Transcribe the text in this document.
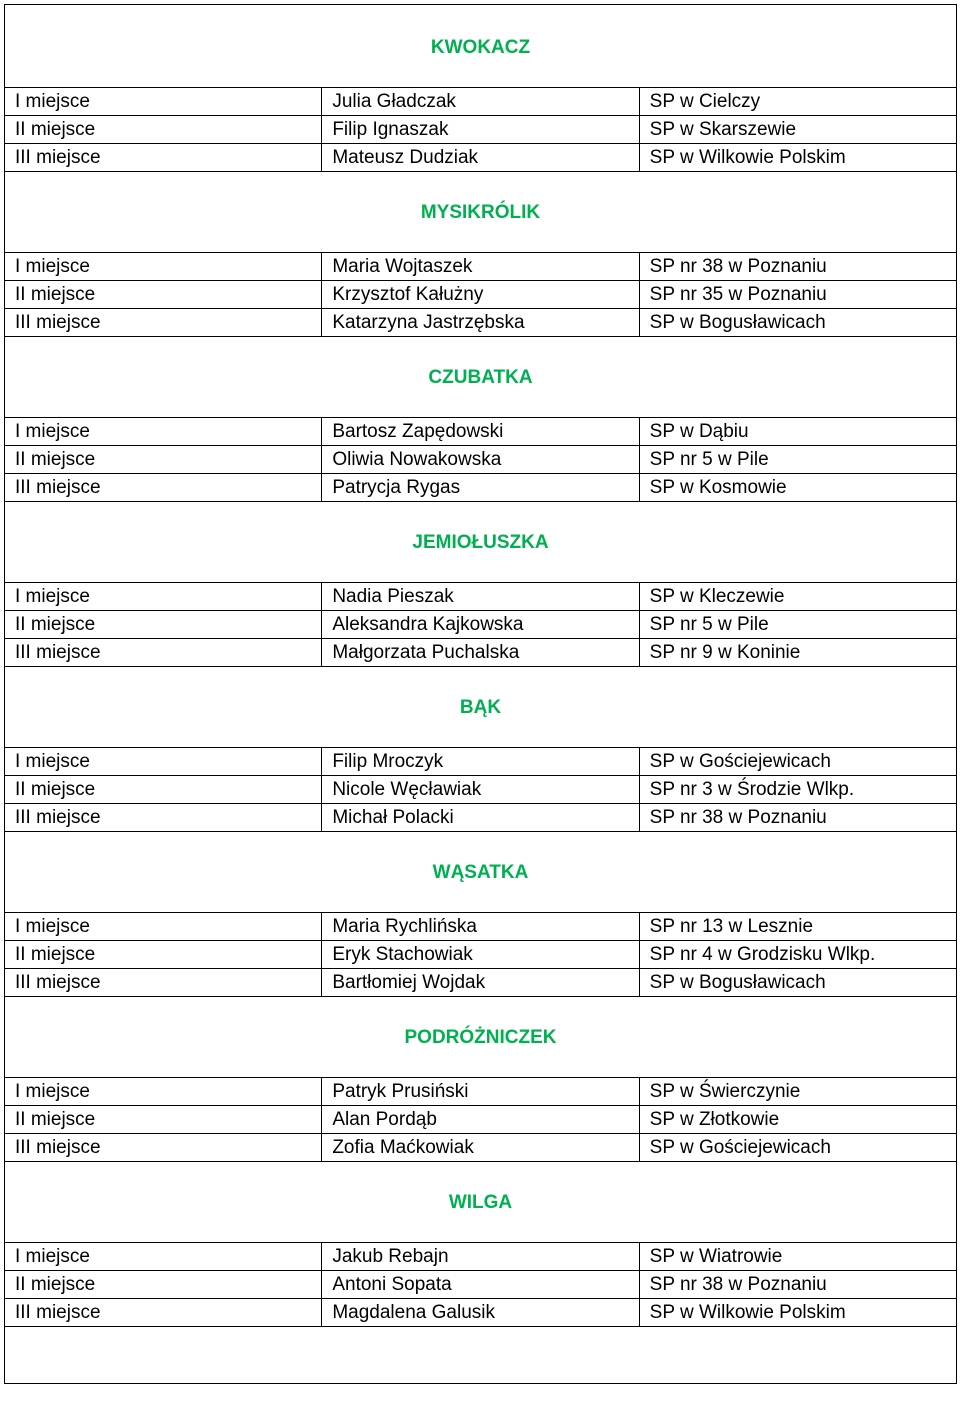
KWOKACZ		
I miejsce	Julia Gładczak	SP w Cielczy
II miejsce	Filip Ignaszak	SP w Skarszewie
III miejsce	Mateusz Dudziak	SP w Wilkowie Polskim
MYSIKRÓLIK		
I miejsce	Maria Wojtaszek	SP nr 38 w Poznaniu
II miejsce	Krzysztof Kałużny	SP nr 35 w Poznaniu
III miejsce	Katarzyna Jastrzębska	SP w Bogusławicach
CZUBATKA		
I miejsce	Bartosz Zapędowski	SP w Dąbiu
II miejsce	Oliwia Nowakowska	SP nr 5 w Pile
III miejsce	Patrycja Rygas	SP w Kosmowie
JEMIOŁUSZKA		
I miejsce	Nadia Pieszak	SP w Kleczewie
II miejsce	Aleksandra Kajkowska	SP nr 5 w Pile
III miejsce	Małgorzata Puchalska	SP nr 9 w Koninie
BĄK		
I miejsce	Filip Mroczyk	SP w Gościejewicach
II miejsce	Nicole Węcławiak	SP nr 3 w Środzie Wlkp.
III miejsce	Michał Polacki	SP nr 38 w Poznaniu
WĄSATKA		
I miejsce	Maria Rychlińska	SP nr 13 w Lesznie
II miejsce	Eryk Stachowiak	SP nr 4 w Grodzisku Wlkp.
III miejsce	Bartłomiej Wojdak	SP w Bogusławicach
PODRÓŻNICZEK		
I miejsce	Patryk Prusiński	SP w Świerczynie
II miejsce	Alan Pordąb	SP w Złotkowie
III miejsce	Zofia Maćkowiak	SP w Gościejewicach
WILGA		
I miejsce	Jakub Rebajn	SP w Wiatrowie
II miejsce	Antoni Sopata	SP nr 38 w Poznaniu
III miejsce	Magdalena Galusik	SP w Wilkowie Polskim
